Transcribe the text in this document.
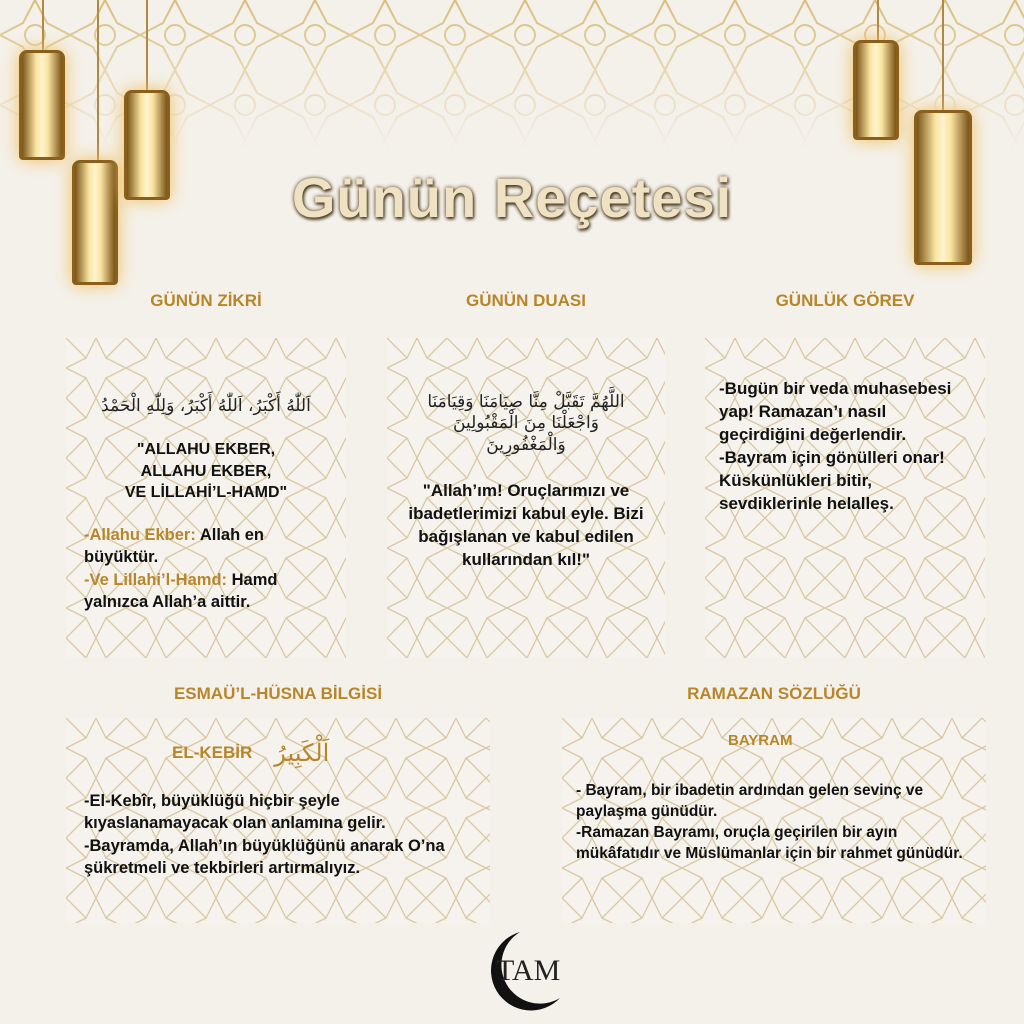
Günün Reçetesi
GÜNÜN ZİKRİ	GÜNÜN DUASI	GÜNLÜK GÖREV
اَللّٰهُ أَكْبَرُ، اَللّٰهُ أَكْبَرُ، وَلِلّٰهِ الْحَمْدُ
"ALLAHU EKBER,
ALLAHU EKBER,
VE LİLLAHİ’L-HAMD"
-Allahu Ekber: Allah en büyüktür.
-Ve Lillahi’l-Hamd: Hamd yalnızca Allah’a aittir.
اللَّهُمَّ تَقَبَّلْ مِنَّا صِيَامَنَا وَقِيَامَنَا وَاجْعَلْنَا مِنَ الْمَقْبُولِينَ وَالْمَغْفُورِينَ
"Allah’ım! Oruçlarımızı ve ibadetlerimizi kabul eyle. Bizi bağışlanan ve kabul edilen kullarından kıl!"
-Bugün bir veda muhasebesi yap! Ramazan’ı nasıl geçirdiğini değerlendir.
-Bayram için gönülleri onar! Küskünlükleri bitir, sevdiklerinle helalleş.
ESMAÜ’L-HÜSNA BİLGİSİ	RAMAZAN SÖZLÜĞÜ
EL-KEBİR اَلْكَبِيرُ
-El-Kebîr, büyüklüğü hiçbir şeyle kıyaslanamayacak olan anlamına gelir.
-Bayramda, Allah’ın büyüklüğünü anarak O’na şükretmeli ve tekbirleri artırmalıyız.
BAYRAM
- Bayram, bir ibadetin ardından gelen sevinç ve paylaşma günüdür.
-Ramazan Bayramı, oruçla geçirilen bir ayın mükâfatıdır ve Müslümanlar için bir rahmet günüdür.
TAM
